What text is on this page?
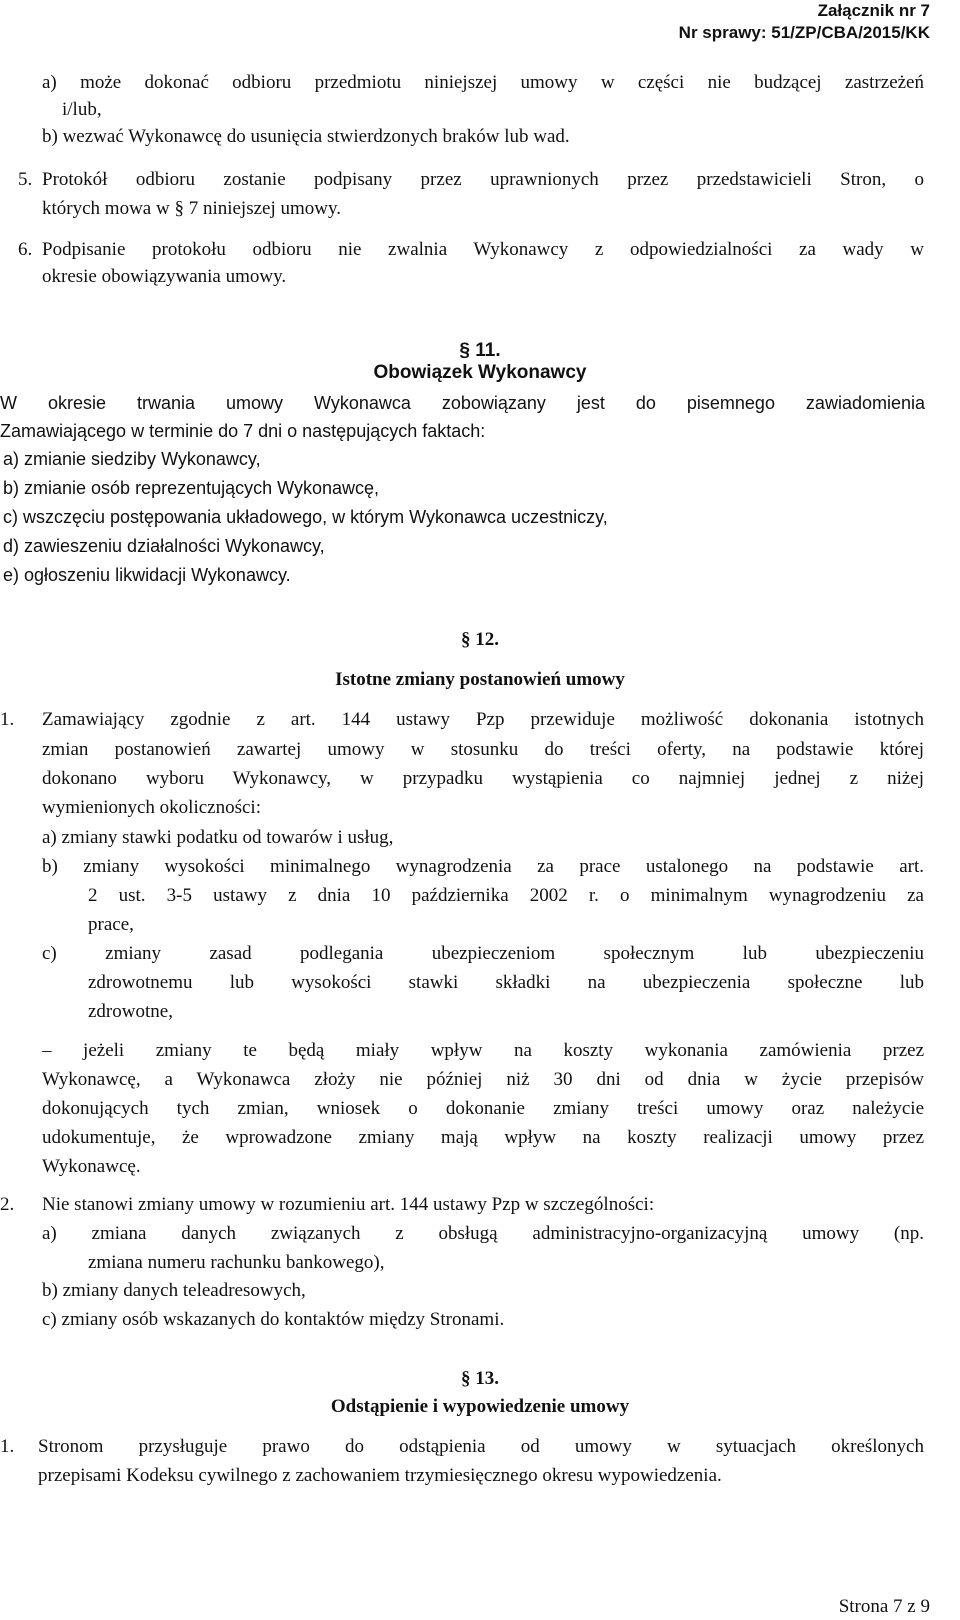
Załącznik nr 7
Nr sprawy: 51/ZP/CBA/2015/KK
a) może dokonać odbioru przedmiotu niniejszej umowy w części nie budzącej zastrzeżeń
i/lub,
b) wezwać Wykonawcę do usunięcia stwierdzonych braków lub wad.
5. Protokół odbioru zostanie podpisany przez uprawnionych przez przedstawicieli Stron, o
których mowa w § 7 niniejszej umowy.
6. Podpisanie protokołu odbioru nie zwalnia Wykonawcy z odpowiedzialności za wady w
okresie obowiązywania umowy.
§ 11.
Obowiązek Wykonawcy
W okresie trwania umowy Wykonawca zobowiązany jest do pisemnego zawiadomienia
Zamawiającego w terminie do 7 dni o następujących faktach:
a) zmianie siedziby Wykonawcy,
b) zmianie osób reprezentujących Wykonawcę,
c) wszczęciu postępowania układowego, w którym Wykonawca uczestniczy,
d) zawieszeniu działalności Wykonawcy,
e) ogłoszeniu likwidacji Wykonawcy.
§ 12.
Istotne zmiany postanowień umowy
1. Zamawiający zgodnie z art. 144 ustawy Pzp przewiduje możliwość dokonania istotnych
zmian postanowień zawartej umowy w stosunku do treści oferty, na podstawie której
dokonano wyboru Wykonawcy, w przypadku wystąpienia co najmniej jednej z niżej
wymienionych okoliczności:
a) zmiany stawki podatku od towarów i usług,
b) zmiany wysokości minimalnego wynagrodzenia za prace ustalonego na podstawie art.
2 ust. 3-5 ustawy z dnia 10 października 2002 r. o minimalnym wynagrodzeniu za
prace,
c) zmiany zasad podlegania ubezpieczeniom społecznym lub ubezpieczeniu
zdrowotnemu lub wysokości stawki składki na ubezpieczenia społeczne lub
zdrowotne,
– jeżeli zmiany te będą miały wpływ na koszty wykonania zamówienia przez
Wykonawcę, a Wykonawca złoży nie później niż 30 dni od dnia w życie przepisów
dokonujących tych zmian, wniosek o dokonanie zmiany treści umowy oraz należycie
udokumentuje, że wprowadzone zmiany mają wpływ na koszty realizacji umowy przez
Wykonawcę.
2. Nie stanowi zmiany umowy w rozumieniu art. 144 ustawy Pzp w szczególności:
a) zmiana danych związanych z obsługą administracyjno-organizacyjną umowy (np.
zmiana numeru rachunku bankowego),
b) zmiany danych teleadresowych,
c) zmiany osób wskazanych do kontaktów między Stronami.
§ 13.
Odstąpienie i wypowiedzenie umowy
1. Stronom przysługuje prawo do odstąpienia od umowy w sytuacjach określonych
przepisami Kodeksu cywilnego z zachowaniem trzymiesięcznego okresu wypowiedzenia.
Strona 7 z 9
